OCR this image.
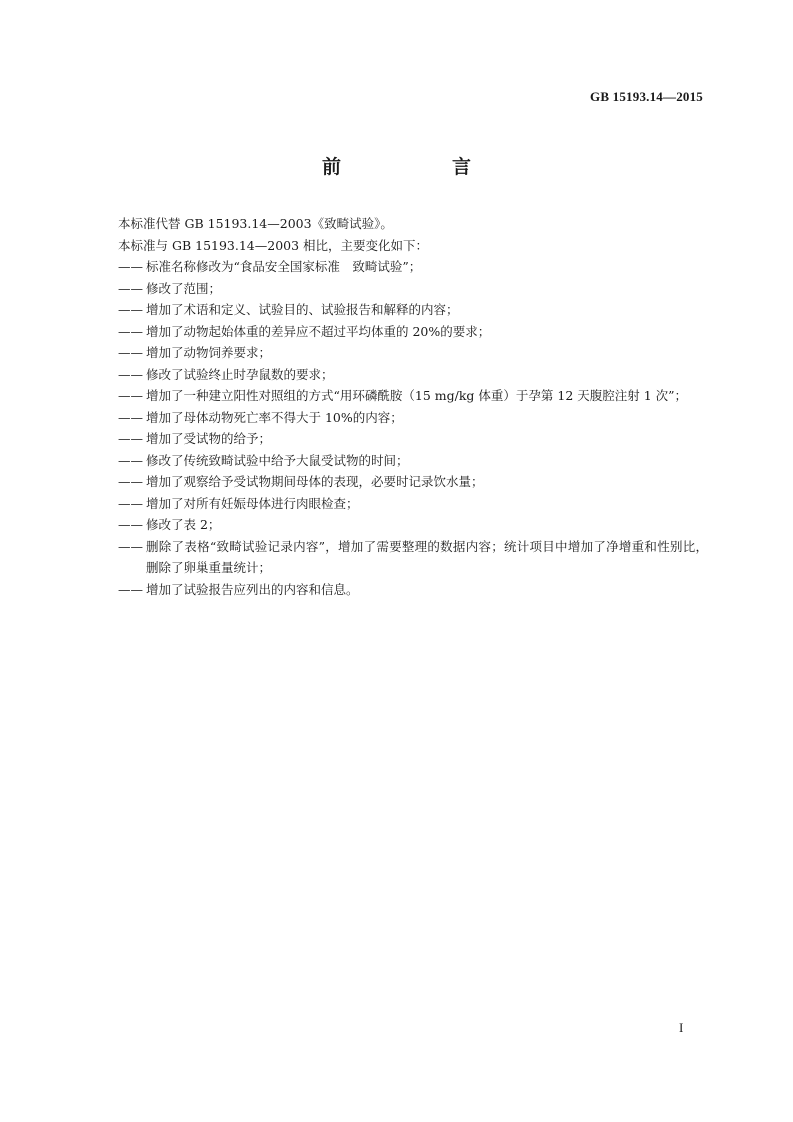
GB 15193.14—2015
前　言

本标准代替 GB 15193.14—2003《致畸试验》。

本标准与 GB 15193.14—2003 相比，主要变化如下：

—— 标准名称修改为“食品安全国家标准　致畸试验”；
—— 修改了范围；
—— 增加了术语和定义、试验目的、试验报告和解释的内容；
—— 增加了动物起始体重的差异应不超过平均体重的 20%的要求；
—— 增加了动物饲养要求；
—— 修改了试验终止时孕鼠数的要求；
—— 增加了一种建立阳性对照组的方式“用环磷酰胺（15 mg/kg 体重）于孕第 12 天腹腔注射 1 次”；
—— 增加了母体动物死亡率不得大于 10%的内容；
—— 增加了受试物的给予；
—— 修改了传统致畸试验中给予大鼠受试物的时间；
—— 增加了观察给予受试物期间母体的表现，必要时记录饮水量；
—— 增加了对所有妊娠母体进行肉眼检查；
—— 修改了表 2；
—— 删除了表格“致畸试验记录内容”，增加了需要整理的数据内容；统计项目中增加了净增重和性别比，删除了卵巢重量统计；
—— 增加了试验报告应列出的内容和信息。
I
